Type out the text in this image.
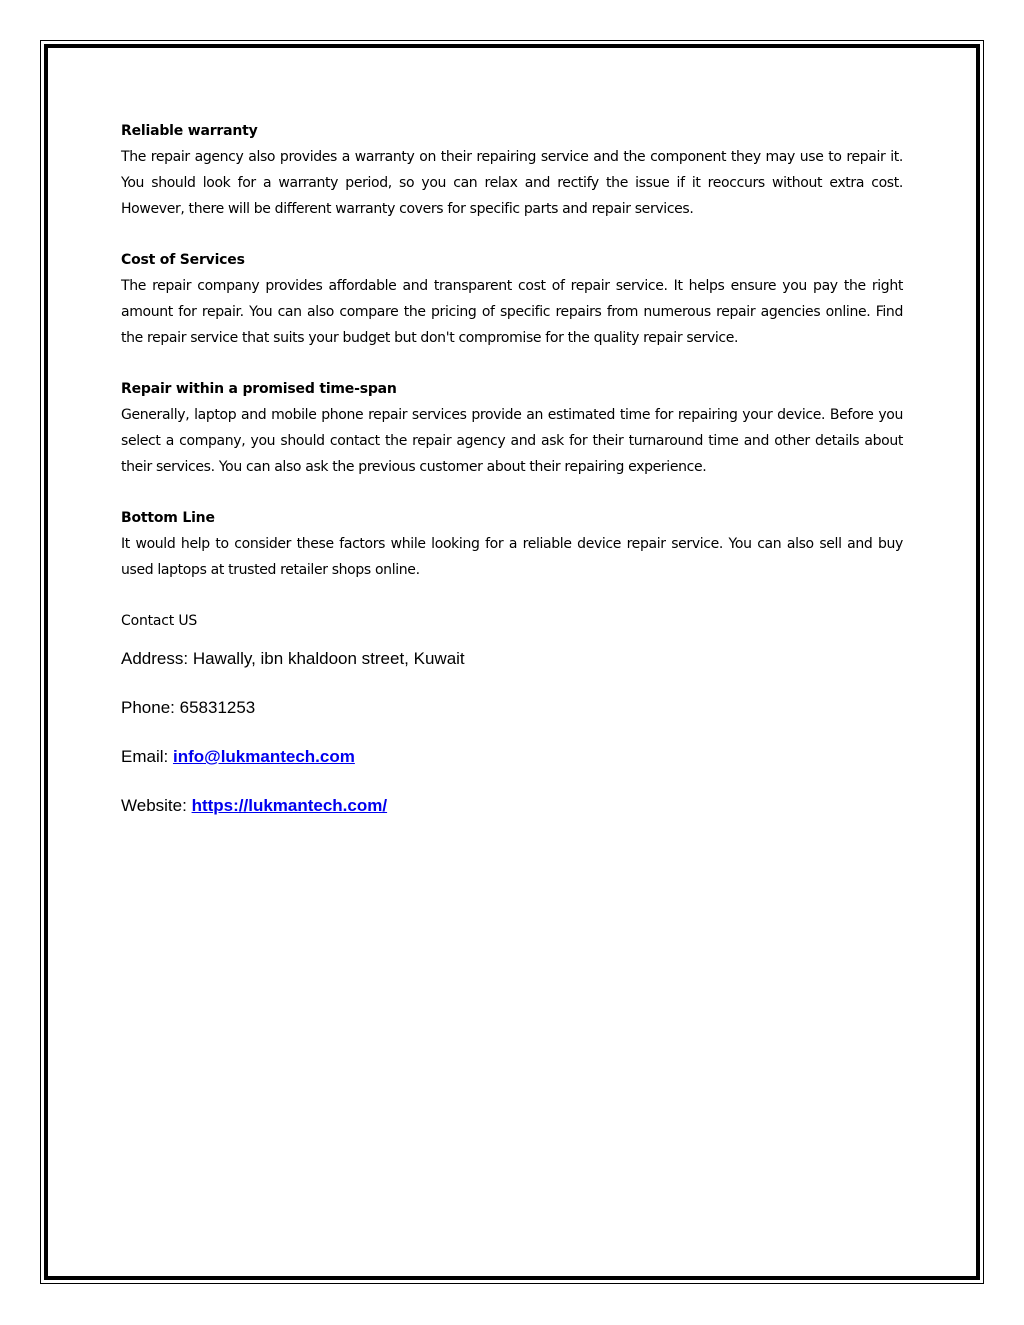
Reliable warranty

The repair agency also provides a warranty on their repairing service and the component they may use to repair it. You should look for a warranty period, so you can relax and rectify the issue if it reoccurs without extra cost. However, there will be different warranty covers for specific parts and repair services.

Cost of Services

The repair company provides affordable and transparent cost of repair service. It helps ensure you pay the right amount for repair. You can also compare the pricing of specific repairs from numerous repair agencies online. Find the repair service that suits your budget but don't compromise for the quality repair service.

Repair within a promised time-span

Generally, laptop and mobile phone repair services provide an estimated time for repairing your device. Before you select a company, you should contact the repair agency and ask for their turnaround time and other details about their services. You can also ask the previous customer about their repairing experience.

Bottom Line

It would help to consider these factors while looking for a reliable device repair service. You can also sell and buy used laptops at trusted retailer shops online.

Contact US

Address: Hawally, ibn khaldoon street, Kuwait

Phone: 65831253

Email: info@lukmantech.com

Website: https://lukmantech.com/
